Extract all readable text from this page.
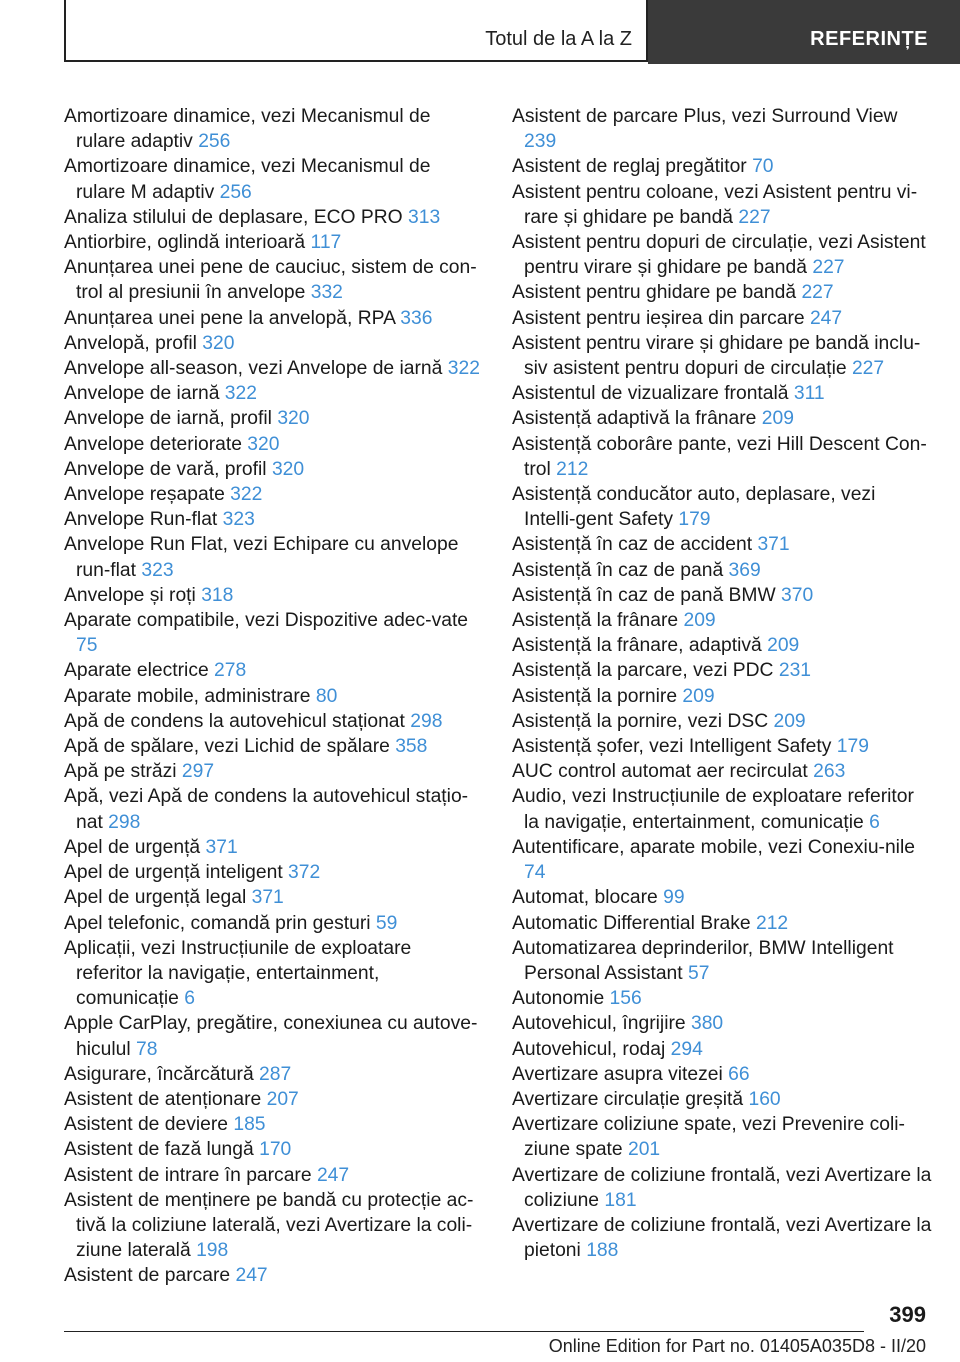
Totul de la A la Z	REFERINȚE

Amortizoare dinamice, vezi Mecanismul de rulare adaptiv 256

Amortizoare dinamice, vezi Mecanismul de rulare M adaptiv 256

Analiza stilului de deplasare, ECO PRO 313

Antiorbire, oglindă interioară 117

Anunțarea unei pene de cauciuc, sistem de con-trol al presiunii în anvelope 332

Anunțarea unei pene la anvelopă, RPA 336

Anvelopă, profil 320

Anvelope all-season, vezi Anvelope de iarnă 322

Anvelope de iarnă 322

Anvelope de iarnă, profil 320

Anvelope deteriorate 320

Anvelope de vară, profil 320

Anvelope reșapate 322

Anvelope Run-flat 323

Anvelope Run Flat, vezi Echipare cu anvelope run-flat 323

Anvelope și roți 318

Aparate compatibile, vezi Dispozitive adec-vate 75

Aparate electrice 278

Aparate mobile, administrare 80

Apă de condens la autovehicul staționat 298

Apă de spălare, vezi Lichid de spălare 358

Apă pe străzi 297

Apă, vezi Apă de condens la autovehicul stațio-nat 298

Apel de urgență 371

Apel de urgență inteligent 372

Apel de urgență legal 371

Apel telefonic, comandă prin gesturi 59

Aplicații, vezi Instrucțiunile de exploatare referitor la navigație, entertainment, comunicație 6

Apple CarPlay, pregătire, conexiunea cu autove-hiculul 78

Asigurare, încărcătură 287

Asistent de atenționare 207

Asistent de deviere 185

Asistent de fază lungă 170

Asistent de intrare în parcare 247

Asistent de menținere pe bandă cu protecție ac-tivă la coliziune laterală, vezi Avertizare la coli-ziune laterală 198

Asistent de parcare 247

Asistent de parcare Plus, vezi Surround View 239

Asistent de reglaj pregătitor 70

Asistent pentru coloane, vezi Asistent pentru vi-rare și ghidare pe bandă 227

Asistent pentru dopuri de circulație, vezi Asistent pentru virare și ghidare pe bandă 227

Asistent pentru ghidare pe bandă 227

Asistent pentru ieșirea din parcare 247

Asistent pentru virare și ghidare pe bandă inclu-siv asistent pentru dopuri de circulație 227

Asistentul de vizualizare frontală 311

Asistență adaptivă la frânare 209

Asistență coborâre pante, vezi Hill Descent Con-trol 212

Asistență conducător auto, deplasare, vezi Intelli-gent Safety 179

Asistență în caz de accident 371

Asistență în caz de pană 369

Asistență în caz de pană BMW 370

Asistență la frânare 209

Asistență la frânare, adaptivă 209

Asistență la parcare, vezi PDC 231

Asistență la pornire 209

Asistență la pornire, vezi DSC 209

Asistență șofer, vezi Intelligent Safety 179

AUC control automat aer recirculat 263

Audio, vezi Instrucțiunile de exploatare referitor la navigație, entertainment, comunicație 6

Autentificare, aparate mobile, vezi Conexiu-nile 74

Automat, blocare 99

Automatic Differential Brake 212

Automatizarea deprinderilor, BMW Intelligent Personal Assistant 57

Autonomie 156

Autovehicul, îngrijire 380

Autovehicul, rodaj 294

Avertizare asupra vitezei 66

Avertizare circulație greșită 160

Avertizare coliziune spate, vezi Prevenire coli-ziune spate 201

Avertizare de coliziune frontală, vezi Avertizare la coliziune 181

Avertizare de coliziune frontală, vezi Avertizare la pietoni 188

399
Online Edition for Part no. 01405A035D8 - II/20
